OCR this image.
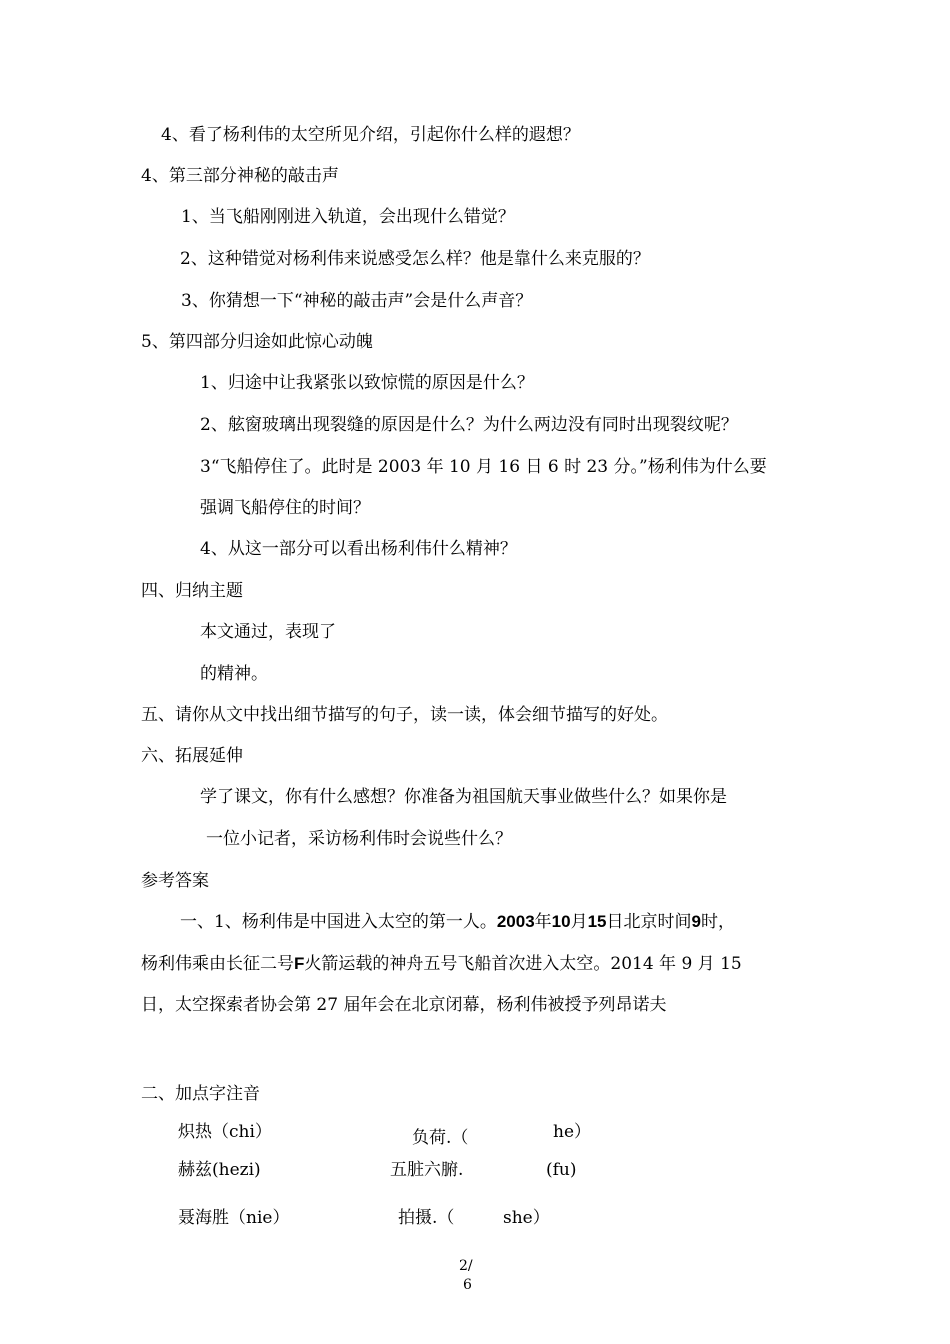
4、看了杨利伟的太空所见介绍，引起你什么样的遐想？
4、第三部分神秘的敲击声
1、当飞船刚刚进入轨道，会出现什么错觉？
2、这种错觉对杨利伟来说感受怎么样？他是靠什么来克服的？
3、你猜想一下“神秘的敲击声”会是什么声音？
5、第四部分归途如此惊心动魄
1、归途中让我紧张以致惊慌的原因是什么？
2、舷窗玻璃出现裂缝的原因是什么？为什么两边没有同时出现裂纹呢？
3“飞船停住了。此时是 2003 年 10 月 16 日 6 时 23 分。”杨利伟为什么要
强调飞船停住的时间？
4、从这一部分可以看出杨利伟什么精神？
四、归纳主题
本文通过，表现了
的精神。
五、请你从文中找出细节描写的句子，读一读，体会细节描写的好处。
六、拓展延伸
学了课文，你有什么感想？你准备为祖国航天事业做些什么？如果你是
一位小记者，采访杨利伟时会说些什么？
参考答案
一、1、杨利伟是中国进入太空的第一人。2003年10月15日北京时间9时，
杨利伟乘由长征二号F火箭运载的神舟五号飞船首次进入太空。2014 年 9 月 15
日，太空探索者协会第 27 届年会在北京闭幕，杨利伟被授予列昂诺夫
二、加点字注音
炽热（chi）	负荷.（	he）
赫兹(hezi)	五脏六腑.	(fu)
聂海胜（nie）	拍摄.（	she）
2/
6
